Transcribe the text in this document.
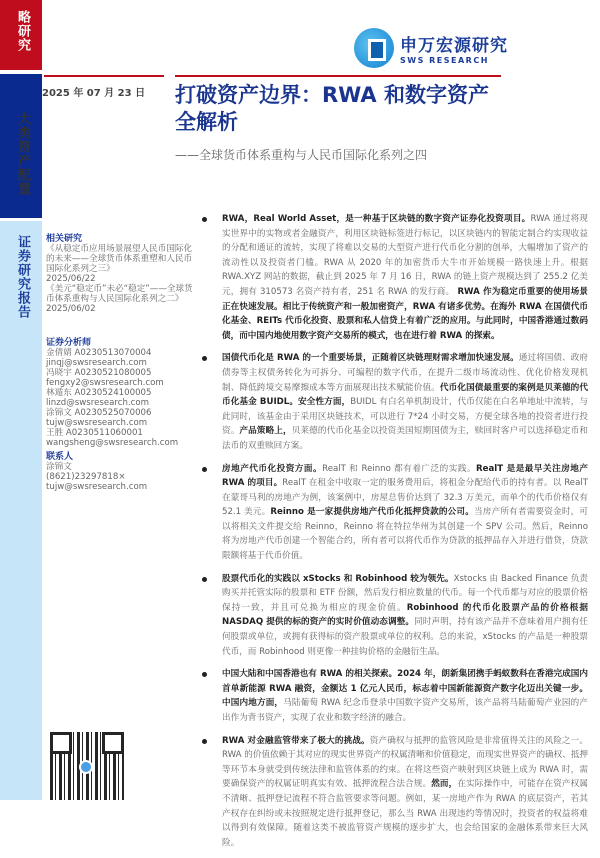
略研究
大类资产配置
证券研究报告
申万宏源研究
SWS RESEARCH
2025 年 07 月 23 日 打破资产边界：RWA 和数字资产全解析
——全球货币体系重构与人民币国际化系列之四
相关研究

《从稳定币应用场景展望人民币国际化的未来——全球货币体系重塑和人民币国际化系列之三》
2025/06/22

《美元“稳定币”未必“稳定”——全球货币体系重构与人民国际化系列之二》 2025/06/02

证券分析师
金倩婧 A0230513070004
jinqj@swsresearch.com
冯晓宇 A0230521080005
fengxy2@swsresearch.com
林遁东 A0230524100005
linzd@swsresearch.com
涂锦文 A0230525070006
tujw@swsresearch.com
王胜 A0230511060001
wangsheng@swsresearch.com
联系人
涂锦文
(8621)23297818×
tujw@swsresearch.com
RWA，Real World Asset，是一种基于区块链的数字资产证券化投资项目。RWA 通过将现实世界中的实物或者金融资产，利用区块链标签进行标记，以区块链内的智能定制合约实现收益的分配和通证的流转，实现了将难以交易的大型资产进行代币化分割的创举，大幅增加了资产的流动性以及投资者门槛。RWA 从 2020 年的加密货币大牛市开始规模一路快速上升。根据 RWA.XYZ 网站的数据，截止到 2025 年 7 月 16 日，RWA 的链上资产规模达到了 255.2 亿美元，拥有 310573 名资产持有者，251 名 RWA 的发行商。 RWA 作为稳定币重要的使用场景正在快速发展。相比于传统资产和一般加密资产，RWA 有诸多优势。在海外 RWA 在国债代币化基金、REITs 代币化投资、股票和私人信贷上有着广泛的应用。与此同时，中国香港通过数码债，而中国内地使用数字资产交易所的模式，也在进行着 RWA 的探索。
国债代币化是 RWA 的一个重要场景，正随着区块链理财需求增加快速发展。通过将国债、政府债券等主权债务转化为可拆分、可编程的数字代币，在提升二级市场流动性、优化价格发现机制、降低跨境交易摩擦成本等方面展现出技术赋能价值。代币化国债最重要的案例是贝莱德的代币化基金 BUIDL。安全性方面，BUIDL 有白名单机制设计，代币仅能在白名单地址中流转，与此同时，该基金由于采用区块链技术，可以进行 7*24 小时交易，方便全球各地的投资者进行投资。产品策略上，贝莱德的代币化基金以投资美国短期国债为主，赎回时客户可以选择稳定币和法币的双重赎回方案。
房地产代币化投资方面。RealT 和 Reinno 都有着广泛的实践。RealT 是是最早关注房地产 RWA 的项目。RealT 在租金中收取一定的服务费用后，将租金分配给代币的持有者。以 RealT 在蒙哥马利的房地产为例，该案例中，房屋总售价达到了 32.3 万美元，而单个的代币价格仅有 52.1 美元。Reinno 是一家提供房地产代币化抵押贷款的公司。当房产所有者需要资金时，可以将相关文件提交给 Reinno，Reinno 将在特拉华州为其创建一个 SPV 公司。然后，Reinno 将为房地产代币创建一个智能合约，所有者可以将代币作为贷款的抵押品存入并进行借贷，贷款限额将基于代币价值。
股票代币化的实践以 xStocks 和 Robinhood 较为领先。Xstocks 由 Backed Finance 负责购买并托管实际的股票和 ETF 份额，然后发行相应数量的代币。每一个代币都与对应的股票价格保持一致，并且可兑换为相应的现金价值。Robinhood 的代币化股票产品的价格根据 NASDAQ 提供的标的资产的实时价值动态调整。同时声明，持有该产品并不意味着用户拥有任何股票或单位，或拥有获得标的资产股票或单位的权利。总的来说，xStocks 的产品是一种股票代币，而 Robinhood 则更像一种挂钩价格的金融衍生品。
中国大陆和中国香港也有 RWA 的相关探索。2024 年，朗新集团携手蚂蚁数科在香港完成国内首单新能源 RWA 融资，金额达 1 亿元人民币，标志着中国新能源资产数字化迈出关键一步。中国内地方面，马陆葡萄 RWA 纪念币登录中国数字资产交易所，该产品将马陆葡萄产业园的产出作为背书资产，实现了农业和数字经济的融合。
RWA 对金融监管带来了极大的挑战。资产确权与抵押的监管风险是非常值得关注的风险之一。RWA 的价值依赖于其对应的现实世界资产的权属清晰和价值稳定，而现实世界资产的确权、抵押等环节本身就受到传统法律和监管体系的约束。在将这些资产映射到区块链上成为 RWA 时，需要确保资产的权属证明真实有效、抵押流程合法合规。然而，在实际操作中，可能存在资产权属不清晰、抵押登记流程不符合监管要求等问题。例如，某一房地产作为 RWA 的底层资产，若其产权存在纠纷或未按照规定进行抵押登记，那么当 RWA 出现违约等情况时，投资者的权益将难以得到有效保障。随着这类不被监管资产规模的逐步扩大，也会给国家的金融体系带来巨大风险。
